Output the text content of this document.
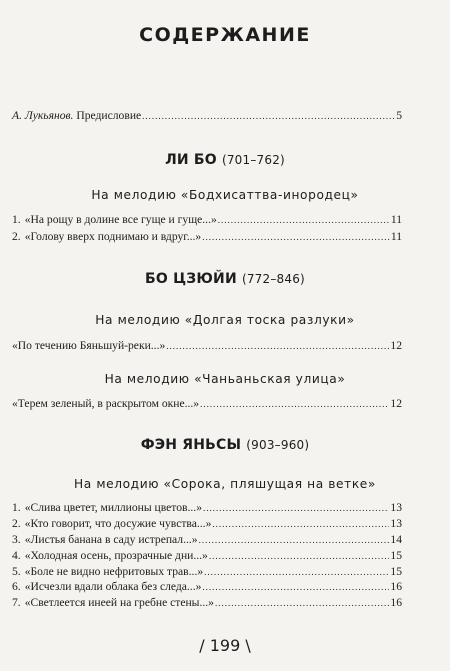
СОДЕРЖАНИЕ
А. Лукьянов. Предисловие .....	5
ЛИ БО (701–762)
На мелодию «Бодхисаттва-инородец»
1. «На рощу в долине все гуще и гуще...» .....	11
2. «Голову вверх поднимаю и вдруг...» .....	11
БО ЦЗЮЙИ (772–846)
На мелодию «Долгая тоска разлуки»
«По течению Бяньшуй-реки...» .....	12
На мелодию «Чаньаньская улица»
«Терем зеленый, в раскрытом окне...» .....	12
ФЭН ЯНЬСЫ (903–960)
На мелодию «Сорока, пляшущая на ветке»
1. «Слива цветет, миллионы цветов...» .....	13
2. «Кто говорит, что досужие чувства...» .....	13
3. «Листья банана в саду истрепал...» .....	14
4. «Холодная осень, прозрачные дни...» .....	15
5. «Боле не видно нефритовых трав...» .....	15
6. «Исчезли вдали облака без следа...» .....	16
7. «Светлеется инеей на гребне стены...» .....	16
/ 199 \
